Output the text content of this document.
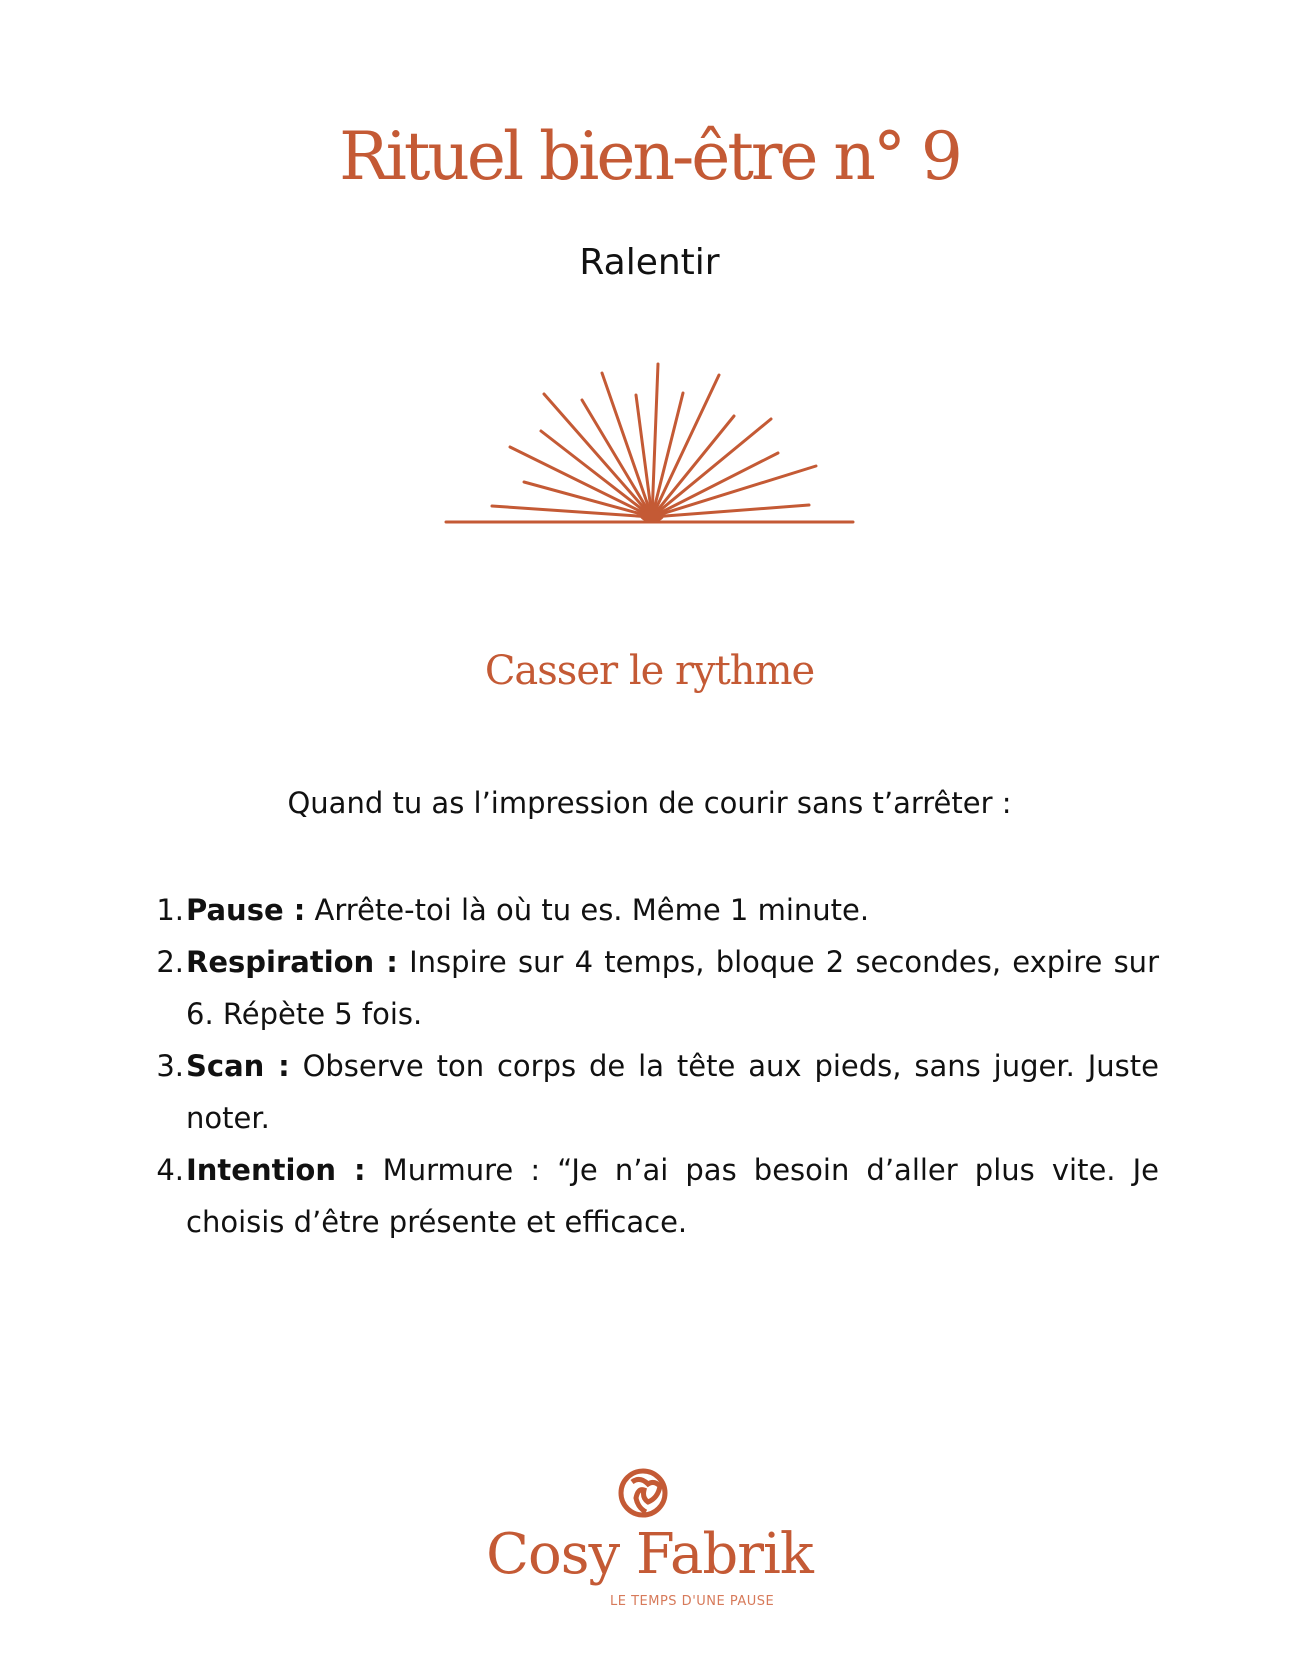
Rituel bien-être n° 9
Ralentir
Casser le rythme
Quand tu as l’impression de courir sans t’arrêter :
1. Pause : Arrête-toi là où tu es. Même 1 minute.
2. Respiration : Inspire sur 4 temps, bloque 2 secondes, expire sur 6. Répète 5 fois.
3. Scan : Observe ton corps de la tête aux pieds, sans juger. Juste noter.
4. Intention : Murmure : “Je n’ai pas besoin d’aller plus vite. Je choisis d’être présente et efficace.
Cosy Fabrik
LE TEMPS D'UNE PAUSE
